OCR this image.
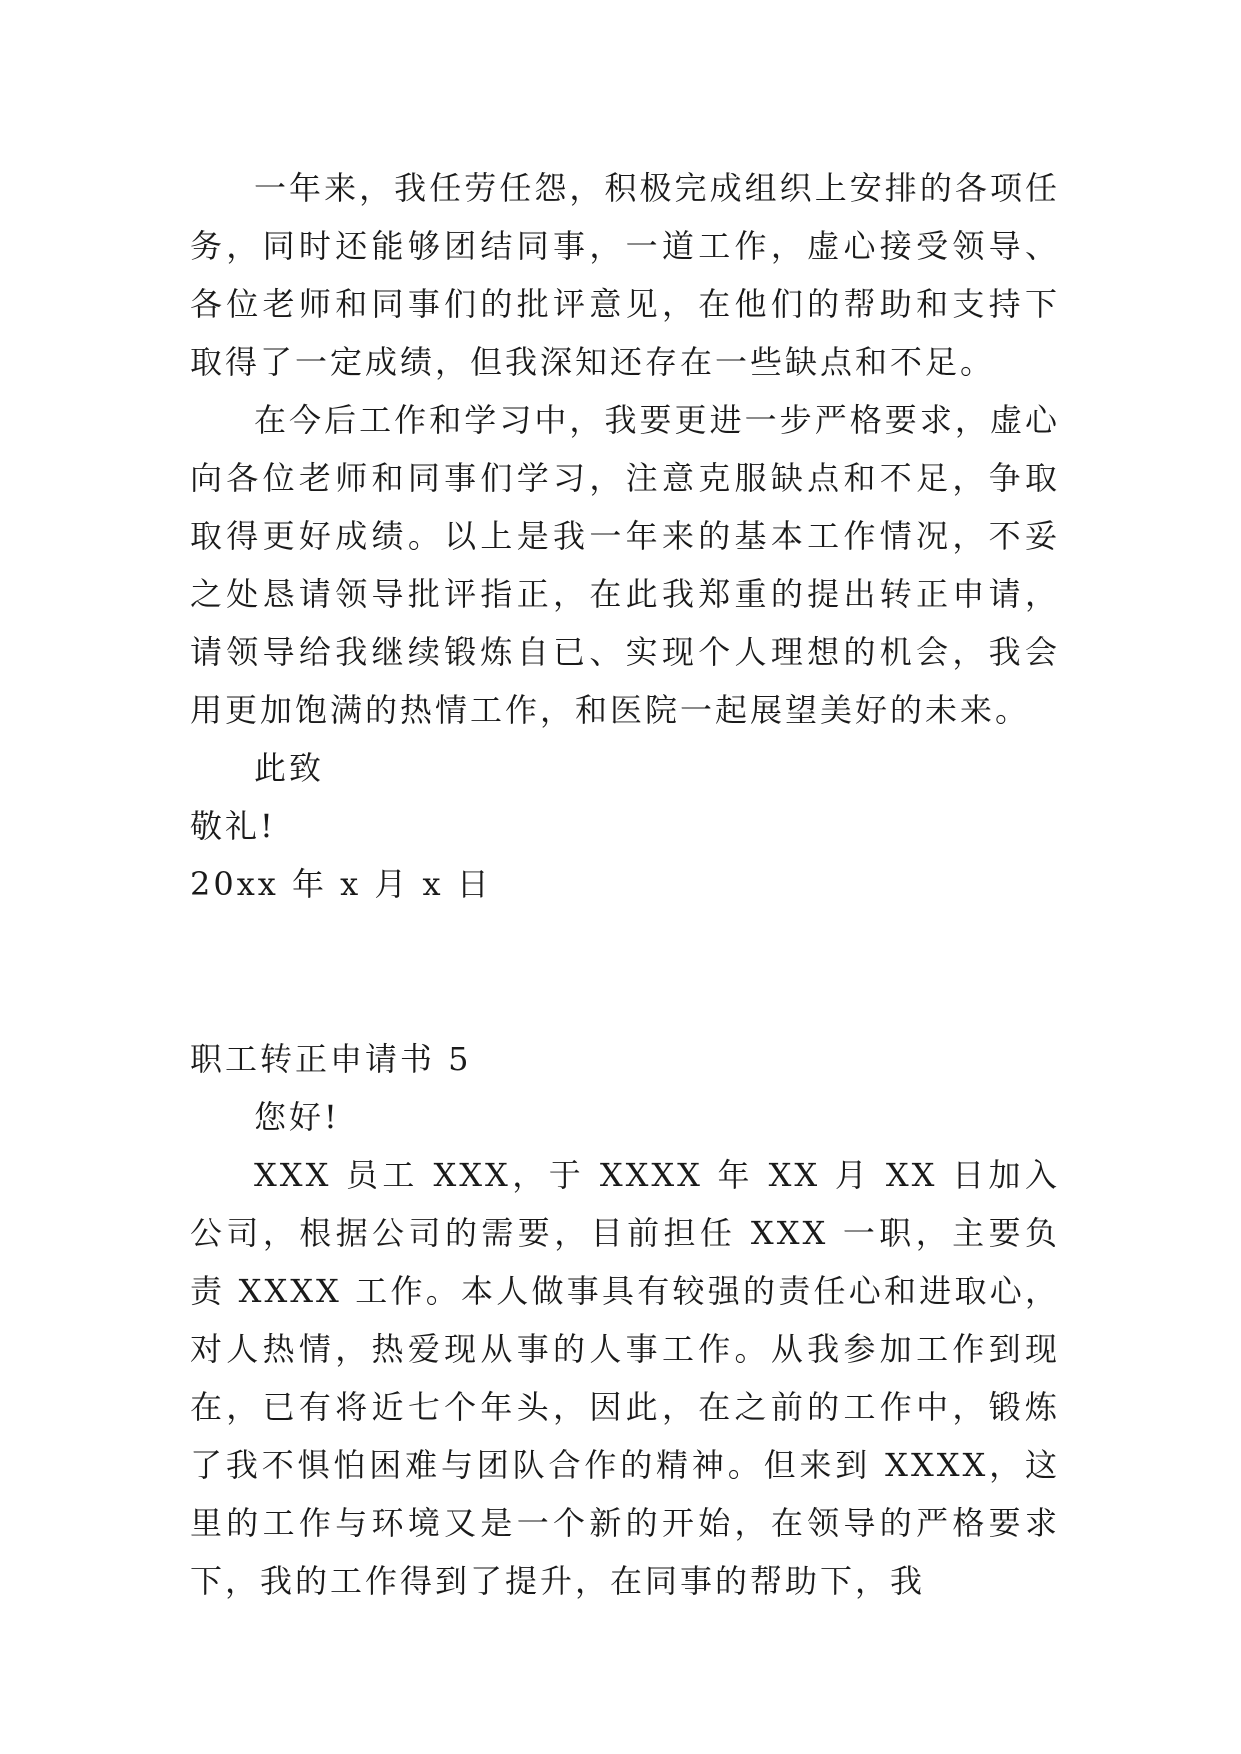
一年来，我任劳任怨，积极完成组织上安排的各项任务，同时还能够团结同事，一道工作，虚心接受领导、各位老师和同事们的批评意见，在他们的帮助和支持下取得了一定成绩，但我深知还存在一些缺点和不足。

在今后工作和学习中，我要更进一步严格要求，虚心向各位老师和同事们学习，注意克服缺点和不足，争取取得更好成绩。以上是我一年来的基本工作情况，不妥之处恳请领导批评指正，在此我郑重的提出转正申请，请领导给我继续锻炼自已、实现个人理想的机会，我会用更加饱满的热情工作，和医院一起展望美好的未来。

此致

敬礼!

20xx 年 x 月 x 日

职工转正申请书 5

您好!

XXX 员工 XXX，于 XXXX 年 XX 月 XX 日加入公司，根据公司的需要，目前担任 XXX 一职，主要负责 XXXX 工作。本人做事具有较强的责任心和进取心，对人热情，热爱现从事的人事工作。从我参加工作到现在，已有将近七个年头，因此，在之前的工作中，锻炼了我不惧怕困难与团队合作的精神。但来到 XXXX，这里的工作与环境又是一个新的开始，在领导的严格要求下，我的工作得到了提升，在同事的帮助下，我
